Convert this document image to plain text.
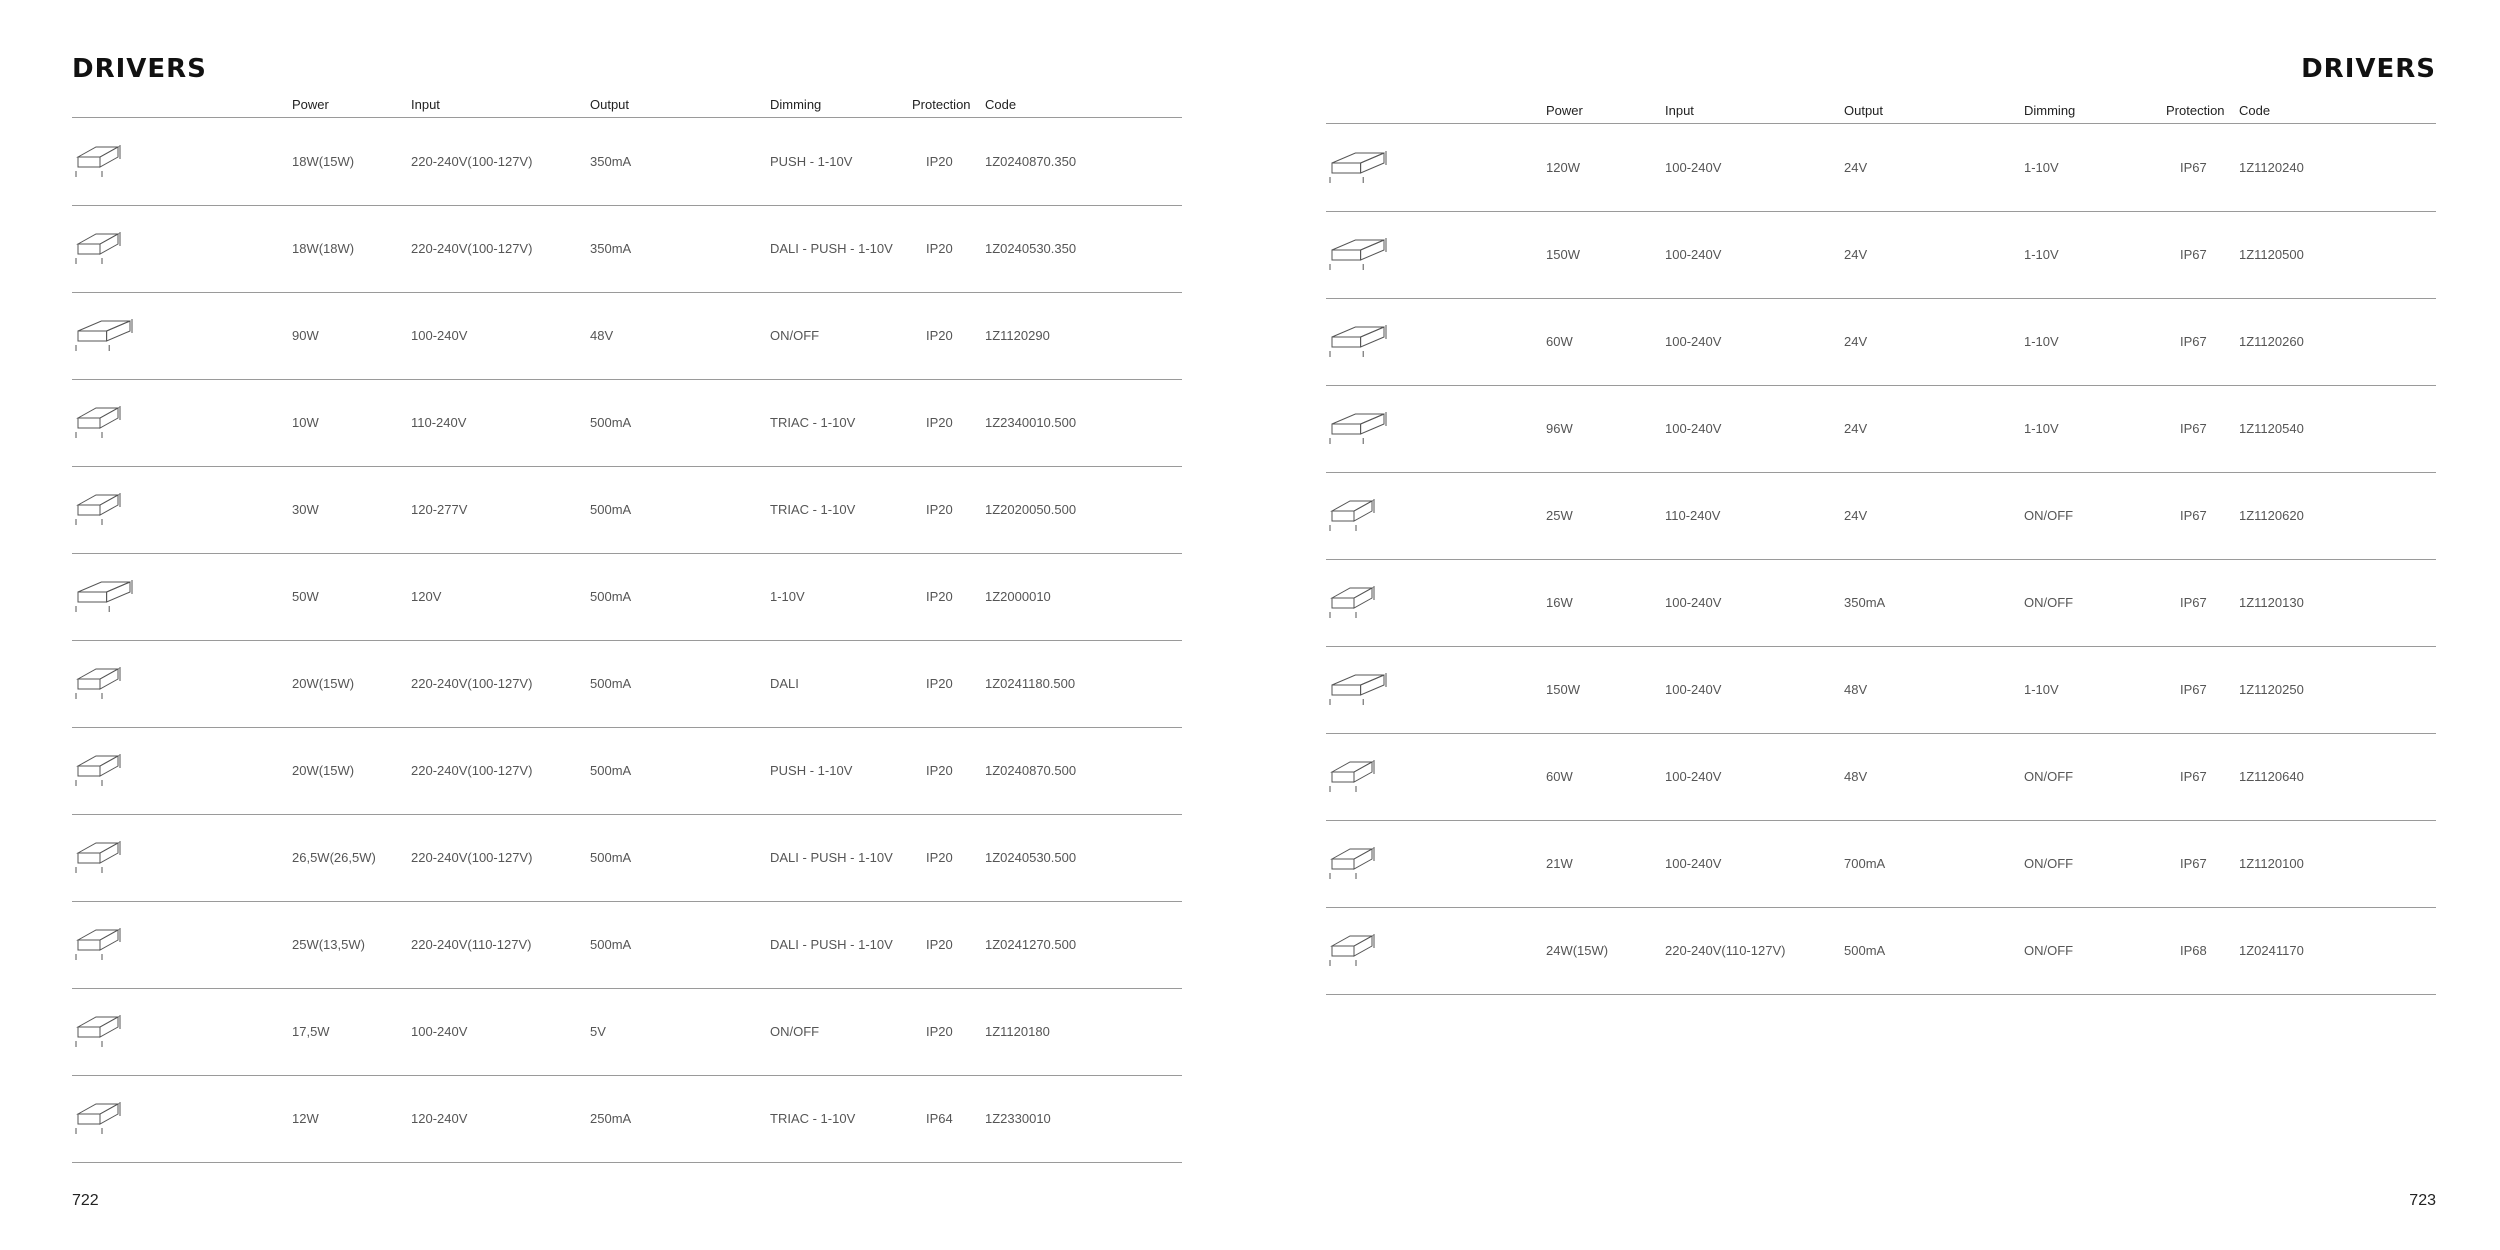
DRIVERS
Power	Input	Output	Dimming	Protection Code
18W(15W)	220-240V(100-127V)	350mA	PUSH - 1-10V	IP20 1Z0240870.350
18W(18W)	220-240V(100-127V)	350mA	DALI - PUSH - 1-10V	IP20 1Z0240530.350
90W	100-240V	48V	ON/OFF	IP20 1Z1120290
10W	110-240V	500mA	TRIAC - 1-10V	IP20 1Z2340010.500
30W	120-277V	500mA	TRIAC - 1-10V	IP20 1Z2020050.500
50W	120V	500mA	1-10V	IP20 1Z2000010
20W(15W)	220-240V(100-127V)	500mA	DALI	IP20 1Z0241180.500
20W(15W)	220-240V(100-127V)	500mA	PUSH - 1-10V	IP20 1Z0240870.500
26,5W(26,5W)	220-240V(100-127V)	500mA	DALI - PUSH - 1-10V	IP20 1Z0240530.500
25W(13,5W)	220-240V(110-127V)	500mA	DALI - PUSH - 1-10V	IP20 1Z0241270.500
17,5W	100-240V	5V	ON/OFF	IP20 1Z1120180
12W	120-240V	250mA	TRIAC - 1-10V	IP64 1Z2330010
722
DRIVERS
Power	Input	Output	Dimming	Protection Code
120W	100-240V	24V	1-10V	IP67 1Z1120240
150W	100-240V	24V	1-10V	IP67 1Z1120500
60W	100-240V	24V	1-10V	IP67 1Z1120260
96W	100-240V	24V	1-10V	IP67 1Z1120540
25W	110-240V	24V	ON/OFF	IP67 1Z1120620
16W	100-240V	350mA	ON/OFF	IP67 1Z1120130
150W	100-240V	48V	1-10V	IP67 1Z1120250
60W	100-240V	48V	ON/OFF	IP67 1Z1120640
21W	100-240V	700mA	ON/OFF	IP67 1Z1120100
24W(15W)	220-240V(110-127V)	500mA	ON/OFF	IP68 1Z0241170
723
